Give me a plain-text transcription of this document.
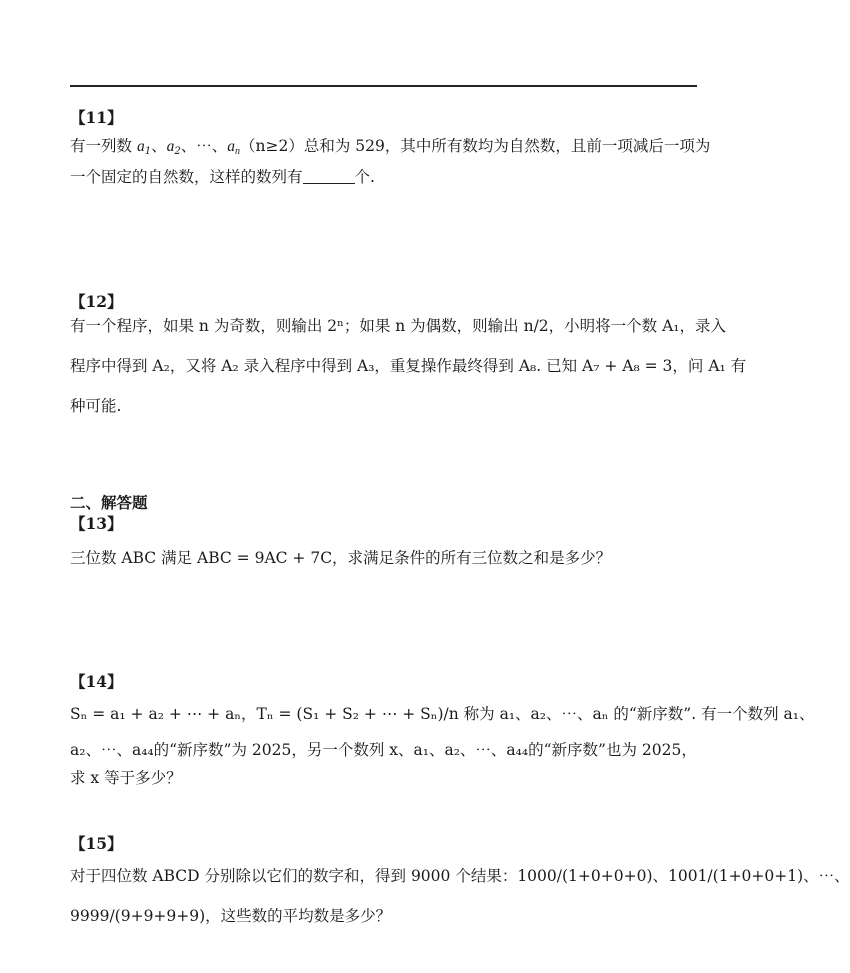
【11】
有一列数 $a_1$、$a_2$、⋯、$a_n(n\ge 2)$总和为 529，其中所有数均为自然数，且前一项减后一项为
一个固定的自然数，这样的数列有	个.
【12】
有一个程序，如果 n 为奇数，则输出 2ⁿ；如果 n 为偶数，则输出 n/2，小明将一个数 A₁，录入
程序中得到 A₂，又将 A₂ 录入程序中得到 A₃，重复操作最终得到 A₈. 已知 A₇ + A₈ = 3，问 A₁ 有
种可能.
二、解答题
【13】
三位数 ABC 满足 ABC = 9AC + 7C，求满足条件的所有三位数之和是多少？
【14】
Sₙ = a₁ + a₂ + ⋯ + aₙ，Tₙ = (S₁ + S₂ + ⋯ + Sₙ)/n 称为 a₁、a₂、⋯、aₙ 的“新序数”. 有一个数列 a₁、
a₂、⋯、a₄₄的“新序数”为 2025，另一个数列 x、a₁、a₂、⋯、a₄₄的“新序数”也为 2025，
求 x 等于多少？
【15】
对于四位数 ABCD 分别除以它们的数字和，得到 9000 个结果：1000/(1+0+0+0)、1001/(1+0+0+1)、⋯、
9999/(9+9+9+9)，这些数的平均数是多少？
